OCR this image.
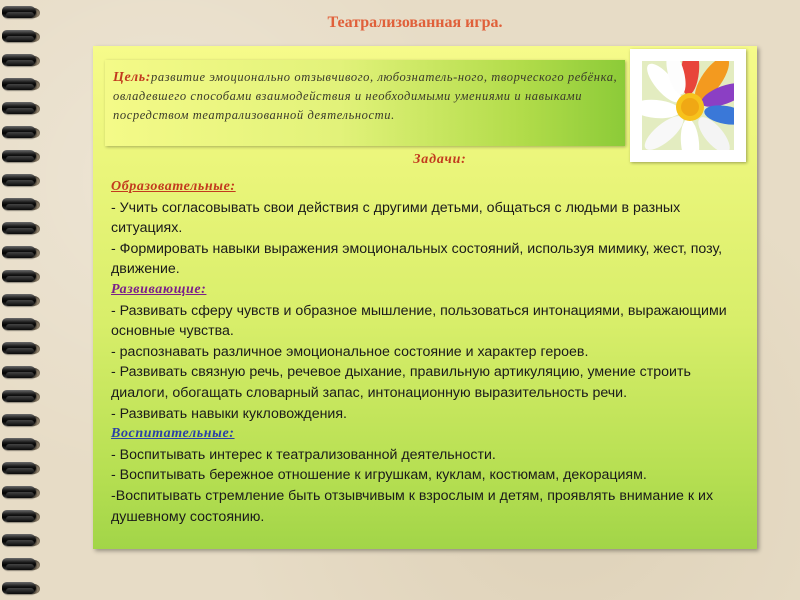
Театрализованная игра.
Цель:развитие эмоционально отзывчивого, любознатель-ного, творческого ребёнка, овладевшего способами взаимодействия и необходимыми умениями и навыками посредством театрализованной деятельности.
Задачи:
Образовательные:
- Учить согласовывать свои действия с другими детьми, общаться с людьми в разных ситуациях.
- Формировать навыки выражения эмоциональных состояний, используя мимику, жест, позу, движение.
Развивающие:
- Развивать сферу чувств и образное мышление, пользоваться интонациями, выражающими основные чувства.
- распознавать различное эмоциональное состояние и характер героев.
- Развивать связную речь, речевое дыхание, правильную артикуляцию, умение строить диалоги, обогащать словарный запас, интонационную выразительность речи.
- Развивать навыки кукловождения.
Воспитательные:
- Воспитывать интерес к театрализованной деятельности.
- Воспитывать бережное отношение к игрушкам, куклам, костюмам, декорациям.
-Воспитывать стремление быть отзывчивым к взрослым и детям, проявлять внимание к их душевному состоянию.
